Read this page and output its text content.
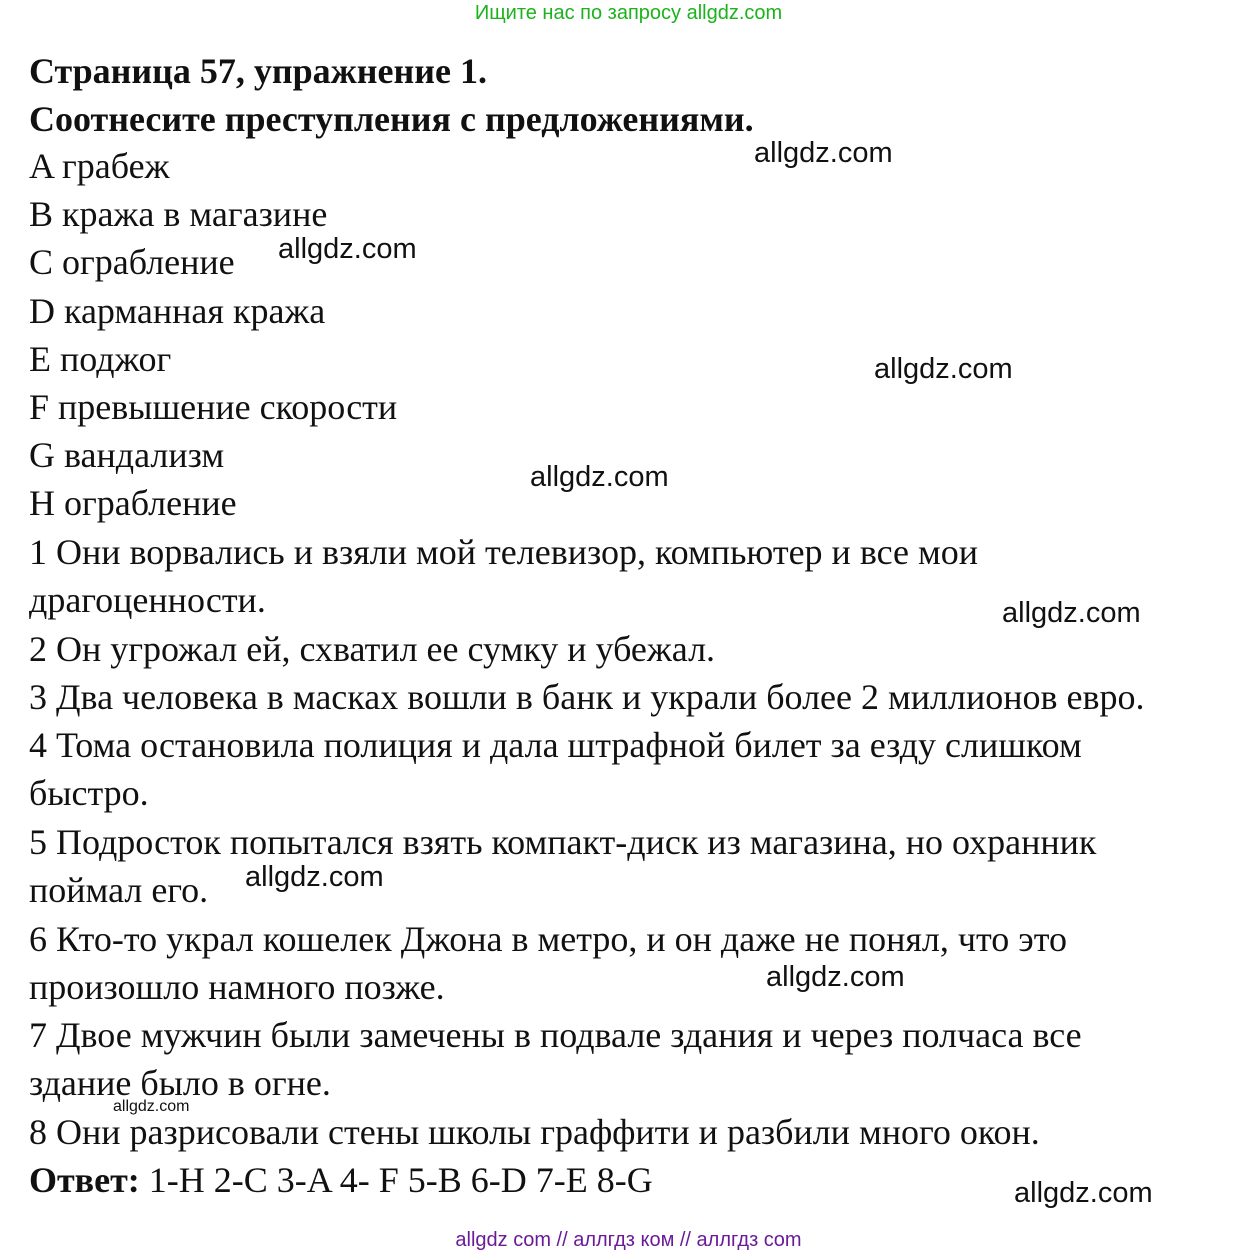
Ищите нас по запросу allgdz.com
Страница 57, упражнение 1.
Соотнесите преступления с предложениями.
A грабеж
B кража в магазине
C ограбление
D карманная кража
E поджог
F превышение скорости
G вандализм
H ограбление
1 Они ворвались и взяли мой телевизор, компьютер и все мои
драгоценности.
2 Он угрожал ей, схватил ее сумку и убежал.
3 Два человека в масках вошли в банк и украли более 2 миллионов евро.
4 Тома остановила полиция и дала штрафной билет за езду слишком
быстро.
5 Подросток попытался взять компакт-диск из магазина, но охранник
поймал его.
6 Кто-то украл кошелек Джона в метро, и он даже не понял, что это
произошло намного позже.
7 Двое мужчин были замечены в подвале здания и через полчаса все
здание было в огне.
8 Они разрисовали стены школы граффити и разбили много окон.
Ответ: 1-H 2-C 3-A 4- F 5-B 6-D 7-E 8-G
allgdz.com
allgdz.com
allgdz.com
allgdz.com
allgdz.com
allgdz.com
allgdz.com
allgdz.com
allgdz.com
allgdz com // аллгдз ком // аллгдз com
